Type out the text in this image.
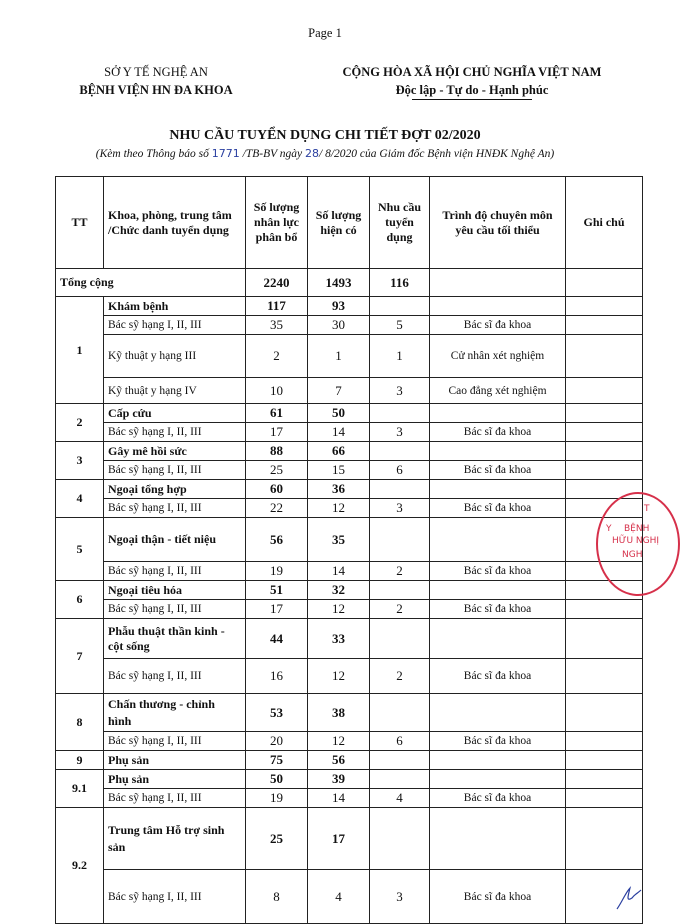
Page 1
SỞ Y TẾ NGHỆ AN
BỆNH VIỆN HN ĐA KHOA
CỘNG HÒA XÃ HỘI CHỦ NGHĨA VIỆT NAM
Độc lập - Tự do - Hạnh phúc
NHU CẦU TUYỂN DỤNG CHI TIẾT ĐỢT 02/2020
(Kèm theo Thông báo số 1771 /TB-BV ngày 28/ 8/2020 của Giám đốc Bệnh viện HNĐK Nghệ An)
TT	Khoa, phòng, trung tâm /Chức danh tuyển dụng	Số lượng nhân lực phân bổ	Số lượng hiện có	Nhu cầu tuyển dụng	Trình độ chuyên môn yêu cầu tối thiểu	Ghi chú
Tổng cộng		2240	1493	116		
1	Khám bệnh	117	93			
	Bác sỹ hạng I, II, III	35	30	5	Bác sĩ đa khoa	
	Kỹ thuật y hạng III	2	1	1	Cử nhân xét nghiệm	
	Kỹ thuật y hạng IV	10	7	3	Cao đẳng xét nghiệm	
2	Cấp cứu	61	50			
	Bác sỹ hạng I, II, III	17	14	3	Bác sĩ đa khoa	
3	Gây mê hồi sức	88	66			
	Bác sỹ hạng I, II, III	25	15	6	Bác sĩ đa khoa	
4	Ngoại tổng hợp	60	36			
	Bác sỹ hạng I, II, III	22	12	3	Bác sĩ đa khoa	
5	Ngoại thận - tiết niệu	56	35			
	Bác sỹ hạng I, II, III	19	14	2	Bác sĩ đa khoa	
6	Ngoại tiêu hóa	51	32			
	Bác sỹ hạng I, II, III	17	12	2	Bác sĩ đa khoa	
7	Phẫu thuật thần kinh - cột sống	44	33			
	Bác sỹ hạng I, II, III	16	12	2	Bác sĩ đa khoa	
8	Chấn thương - chỉnh hình	53	38			
	Bác sỹ hạng I, II, III	20	12	6	Bác sĩ đa khoa	
9	Phụ sản	75	56			
9.1	Phụ sản	50	39			
	Bác sỹ hạng I, II, III	19	14	4	Bác sĩ đa khoa	
9.2	Trung tâm Hỗ trợ sinh sản	25	17			
	Bác sỹ hạng I, II, III	8	4	3	Bác sĩ đa khoa	
BỆNH
HỮU NGHỊ
NGH
Y
T
